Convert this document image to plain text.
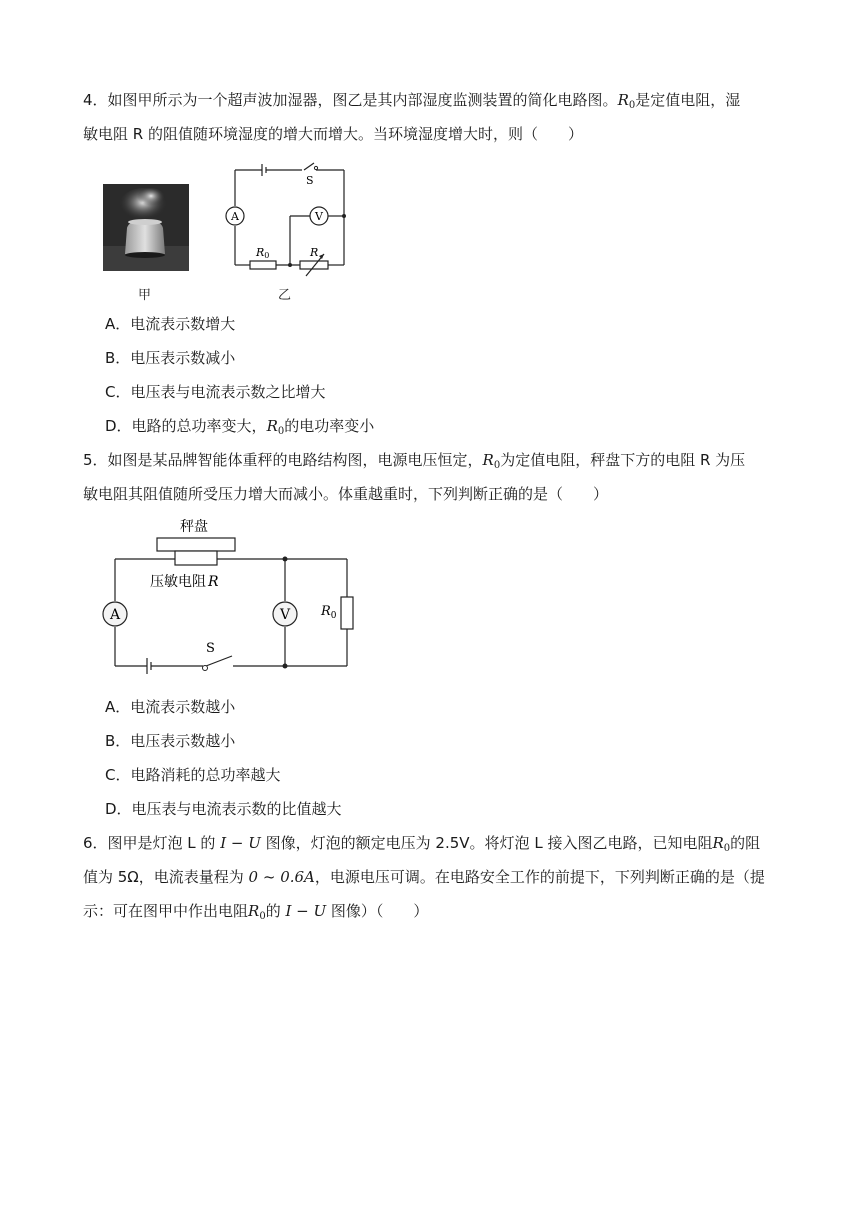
4．如图甲所示为一个超声波加湿器，图乙是其内部湿度监测装置的简化电路图。$R_0$是定值电阻，湿
敏电阻 R 的阻值随环境湿度的增大而增大。当环境湿度增大时，则（　　）
A	V
S
R0	R
甲	乙
A．电流表示数增大
B．电压表示数减小
C．电压表与电流表示数之比增大
D．电路的总功率变大，$R_0$的电功率变小
5．如图是某品牌智能体重秤的电路结构图，电源电压恒定，$R_0$为定值电阻，秤盘下方的电阻 R 为压
敏电阻其阻值随所受压力增大而减小。体重越重时，下列判断正确的是（　　）
秤盘
压敏电阻 R
A	V
S
$R_0$
A．电流表示数越小
B．电压表示数越小
C．电路消耗的总功率越大
D．电压表与电流表示数的比值越大
6．图甲是灯泡 L 的 I − U 图像，灯泡的额定电压为 2.5V。将灯泡 L 接入图乙电路，已知电阻$R_0$的阻
值为 5Ω，电流表量程为 0 ~ 0.6A，电源电压可调。在电路安全工作的前提下，下列判断正确的是（提
示：可在图甲中作出电阻$R_0$的 I − U 图像）（　　）
